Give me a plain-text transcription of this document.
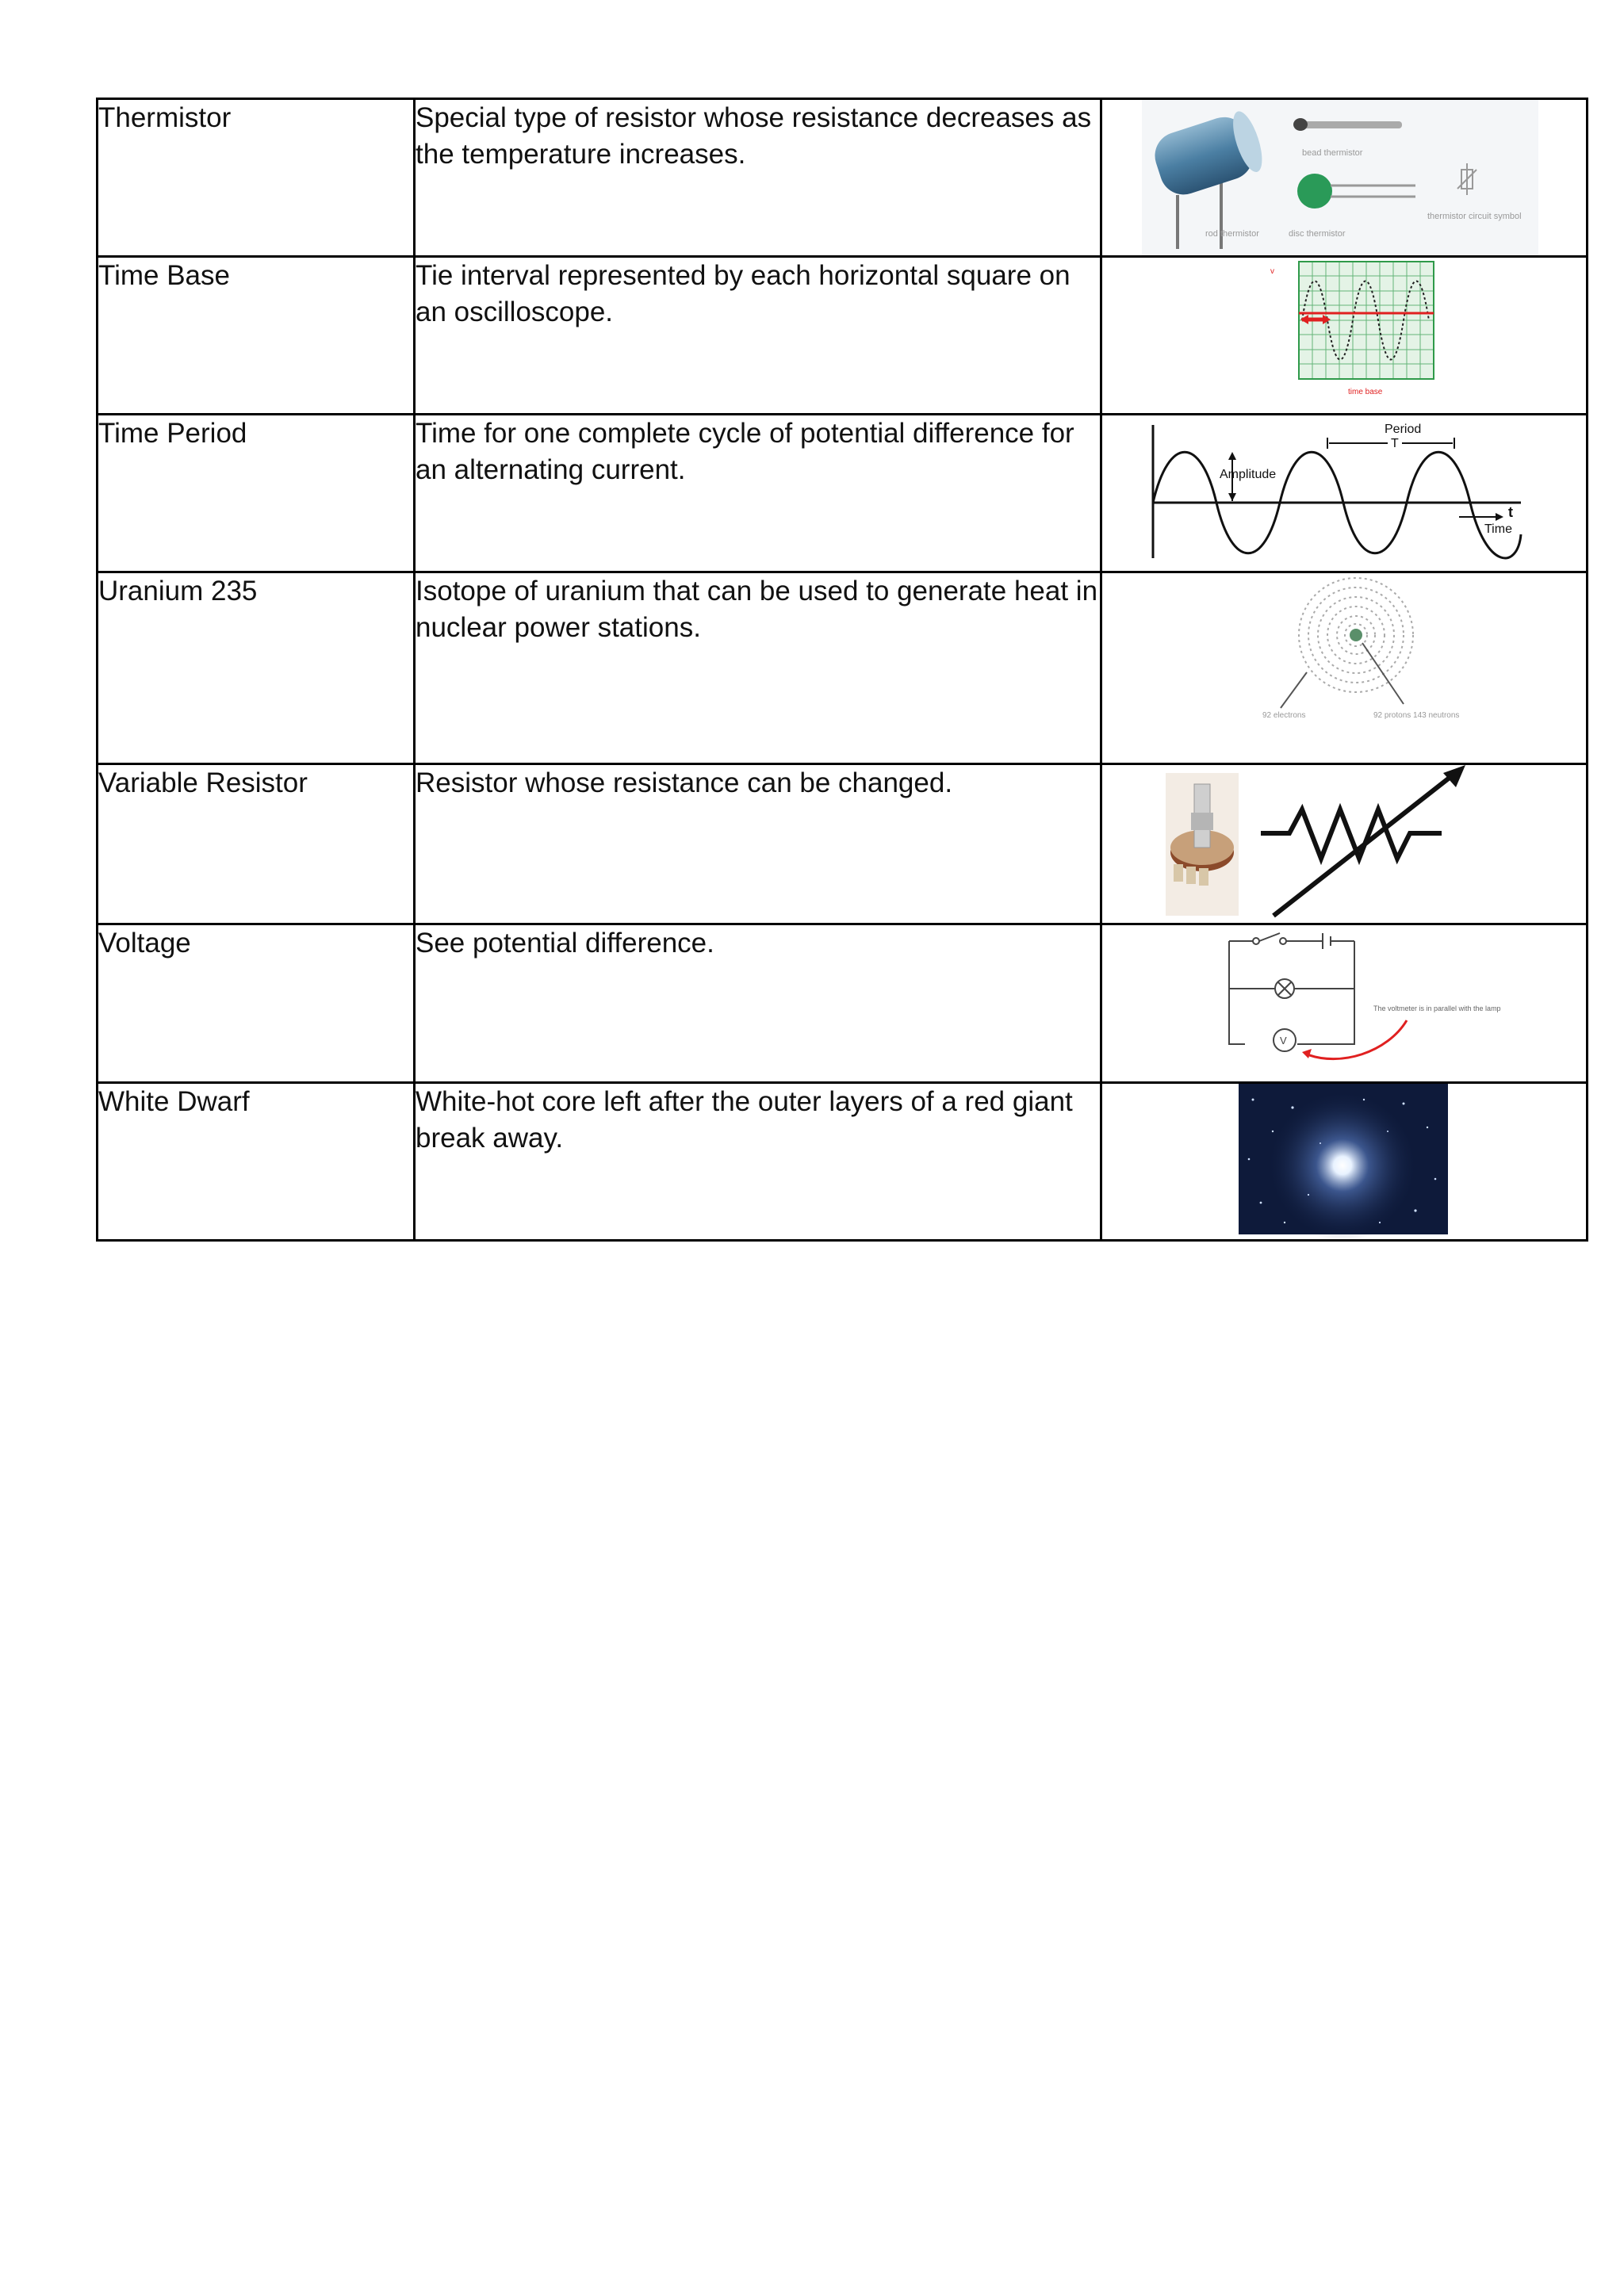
Thermistor	Special type of resistor whose resistance decreases as the temperature increases.	bead thermistor
rod thermistor disc thermistor
thermistor circuit symbol

Time Base	Tie interval represented by each horizontal square on an oscilloscope.	v
time base

Time Period	Time for one complete cycle of potential difference for an alternating current.	Amplitude
Period
T
t
Time

Uranium 235	Isotope of uranium that can be used to generate heat in nuclear power stations.	92 electrons 92 protons 143 neutrons

Variable Resistor	Resistor whose resistance can be changed.	

Voltage	See potential difference.	V
The voltmeter is in parallel with the lamp

White Dwarf	White-hot core left after the outer layers of a red giant break away.	
